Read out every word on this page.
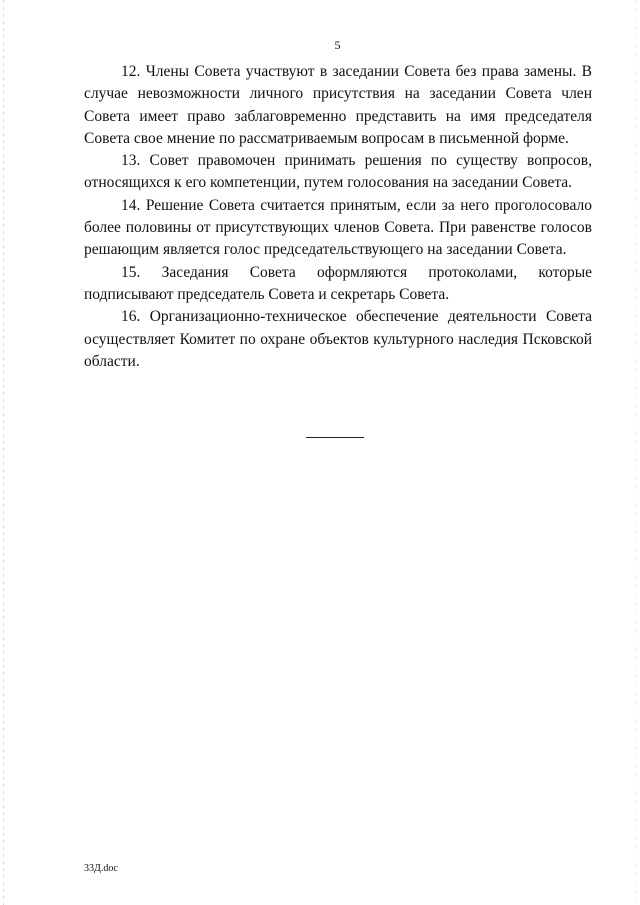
5

12. Члены Совета участвуют в заседании Совета без права замены. В случае невозможности личного присутствия на заседании Совета член Совета имеет право заблаговременно представить на имя председателя Совета свое мнение по рассматриваемым вопросам в письменной форме.

13. Совет правомочен принимать решения по существу вопросов, относящихся к его компетенции, путем голосования на заседании Совета.

14. Решение Совета считается принятым, если за него проголосовало более половины от присутствующих членов Совета. При равенстве голосов решающим является голос председательствующего на заседании Совета.

15. Заседания Совета оформляются протоколами, которые подписывают председатель Совета и секретарь Совета.

16. Организационно-техническое обеспечение деятельности Совета осуществляет Комитет по охране объектов культурного наследия Псковской области.

33Д.doc
